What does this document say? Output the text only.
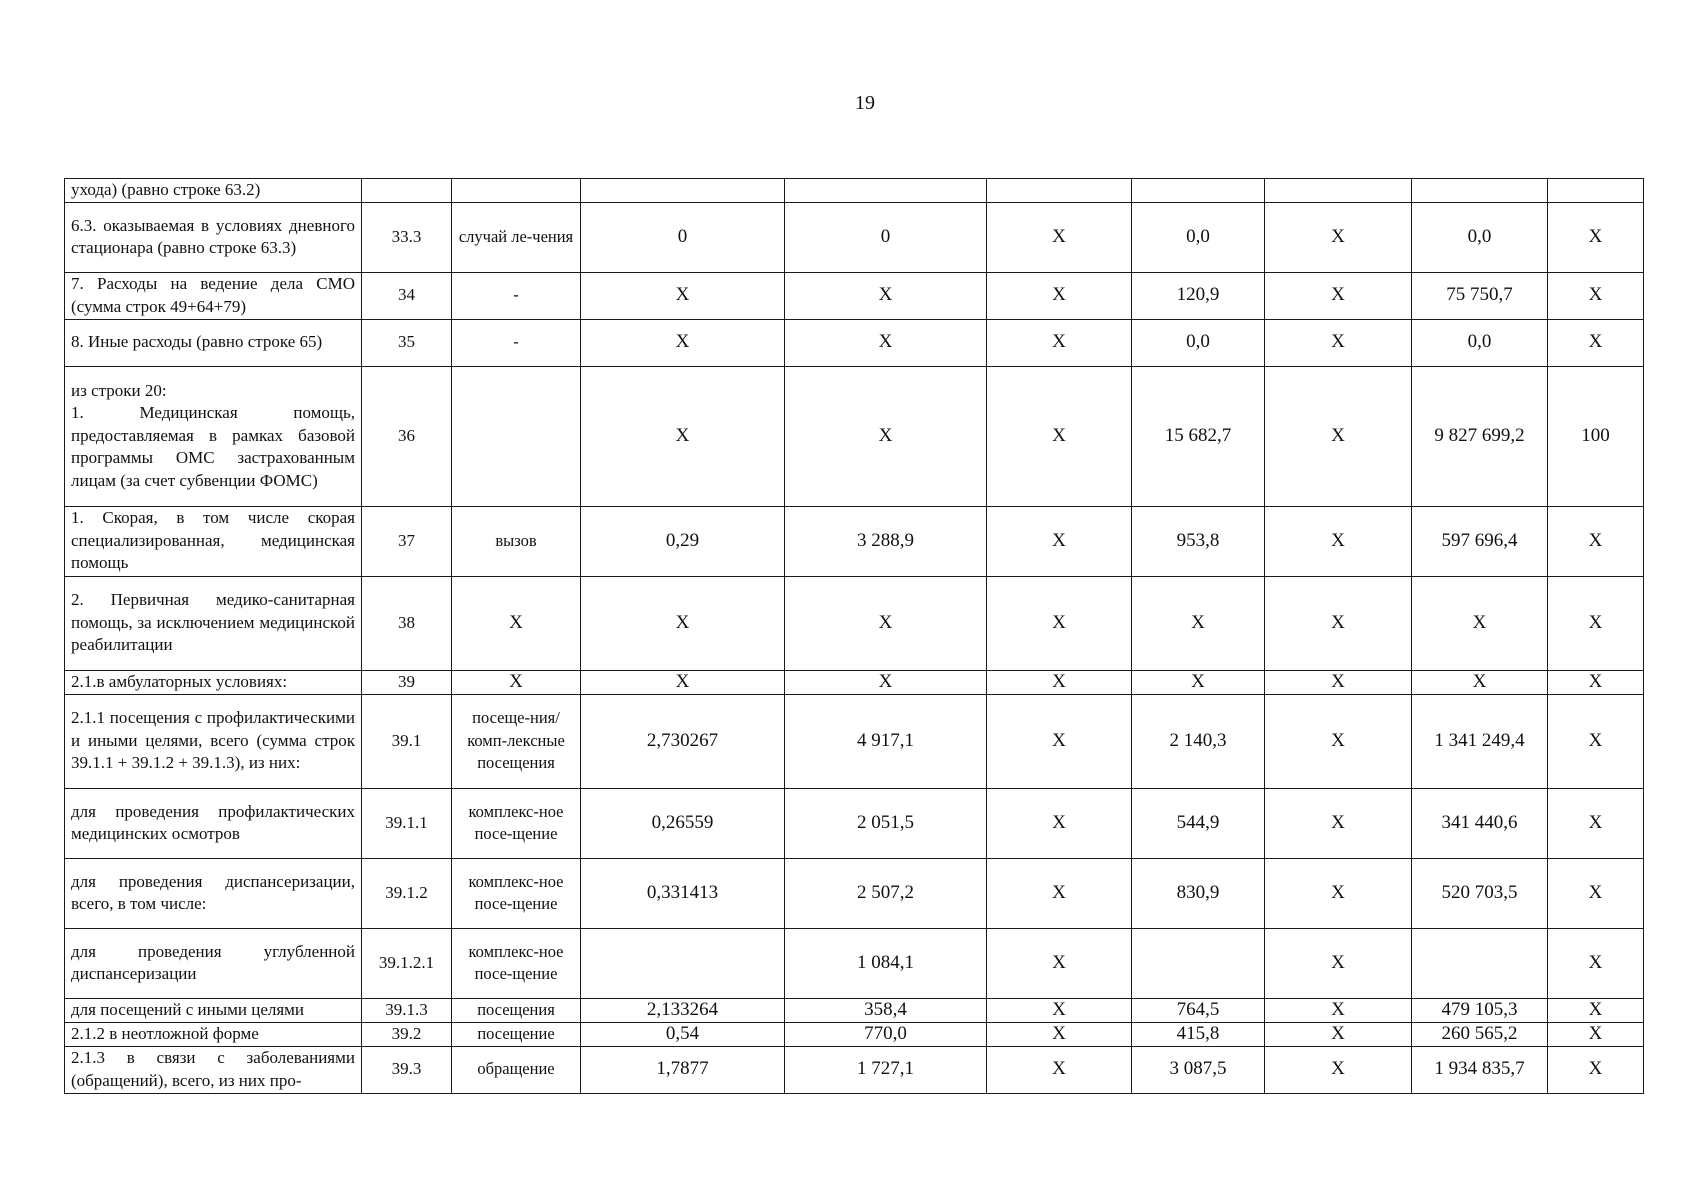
19
ухода) (равно строке 63.2)									
6.3. оказываемая в условиях дневного стационара (равно строке 63.3)	33.3	случай ле-чения	0	0	X	0,0	X	0,0	X
7. Расходы на ведение дела СМО (сумма строк 49+64+79)	34	-	X	X	X	120,9	X	75 750,7	X
8. Иные расходы (равно строке 65)	35	-	X	X	X	0,0	X	0,0	X

из строки 20:
1. Медицинская помощь, предоставляемая в рамках базовой программы ОМС застрахованным лицам (за счет субвенции ФОМС)	36		X	X	X	15 682,7	X	9 827 699,2	100
1. Скорая, в том числе скорая специализированная, медицинская помощь	37	вызов	0,29	3 288,9	X	953,8	X	597 696,4	X
2. Первичная медико-санитарная помощь, за исключением медицинской реабилитации	38	X	X	X	X	X	X	X	X
2.1.в амбулаторных условиях:	39	X	X	X	X	X	X	X	X
2.1.1 посещения с профилактическими и иными целями, всего (сумма строк 39.1.1 + 39.1.2 + 39.1.3), из них:	39.1	посеще-ния/комп-лексные посещения	2,730267	4 917,1	X	2 140,3	X	1 341 249,4	X
для проведения профилактических медицинских осмотров	39.1.1	комплекс-ное посе-щение	0,26559	2 051,5	X	544,9	X	341 440,6	X
для проведения диспансеризации, всего, в том числе:	39.1.2	комплекс-ное посе-щение	0,331413	2 507,2	X	830,9	X	520 703,5	X
для проведения углубленной диспансеризации	39.1.2.1	комплекс-ное посе-щение		1 084,1	X		X		X
для посещений с иными целями	39.1.3	посещения	2,133264	358,4	X	764,5	X	479 105,3	X
2.1.2 в неотложной форме	39.2	посещение	0,54	770,0	X	415,8	X	260 565,2	X
2.1.3 в связи с заболеваниями (обращений), всего, из них про-	39.3	обращение	1,7877	1 727,1	X	3 087,5	X	1 934 835,7	X
